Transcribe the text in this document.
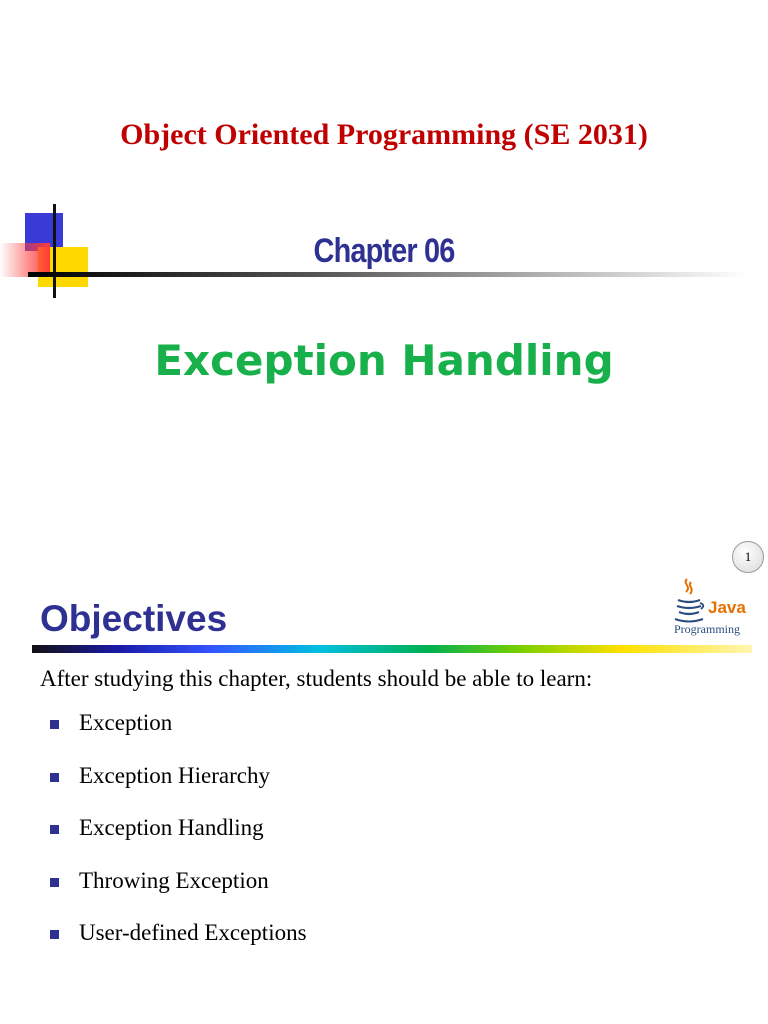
Object Oriented Programming (SE 2031)
Chapter 06
Exception Handling
1
Objectives	Java
Programming
After studying this chapter, students should be able to learn:
Exception
Exception Hierarchy
Exception Handling
Throwing Exception
User-defined Exceptions
